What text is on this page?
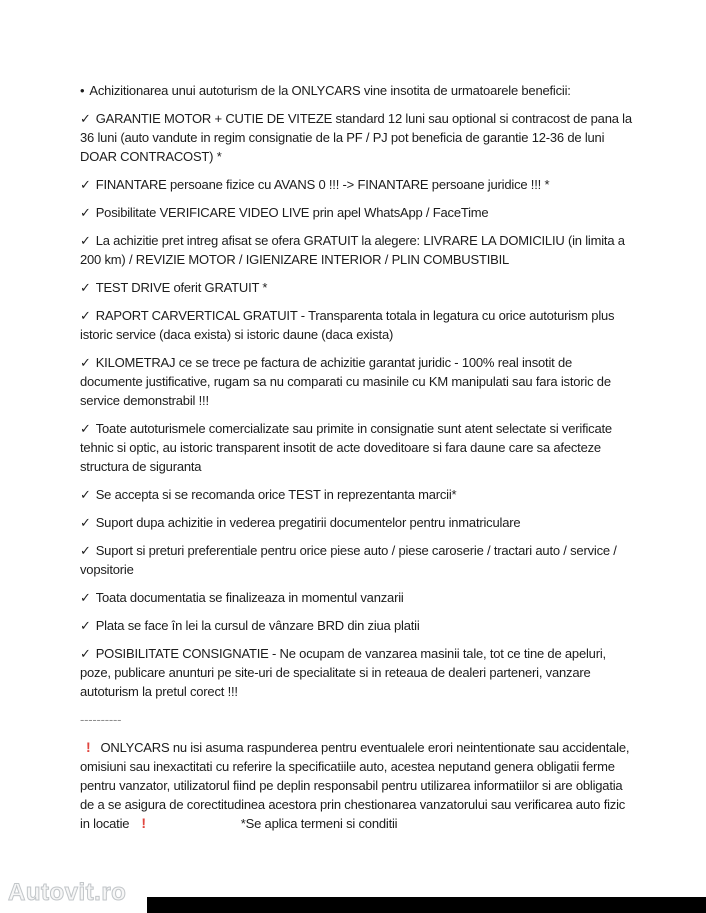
• Achizitionarea unui autoturism de la ONLYCARS vine insotita de urmatoarele beneficii:

✓ GARANTIE MOTOR + CUTIE DE VITEZE standard 12 luni sau optional si contracost de pana la 36 luni (auto vandute in regim consignatie de la PF / PJ pot beneficia de garantie 12-36 de luni DOAR CONTRACOST) *

✓ FINANTARE persoane fizice cu AVANS 0 !!! -> FINANTARE persoane juridice !!! *

✓ Posibilitate VERIFICARE VIDEO LIVE prin apel WhatsApp / FaceTime

✓ La achizitie pret intreg afisat se ofera GRATUIT la alegere: LIVRARE LA DOMICILIU (in limita a 200 km) / REVIZIE MOTOR / IGIENIZARE INTERIOR / PLIN COMBUSTIBIL

✓ TEST DRIVE oferit GRATUIT *

✓ RAPORT CARVERTICAL GRATUIT - Transparenta totala in legatura cu orice autoturism plus istoric service (daca exista) si istoric daune (daca exista)

✓ KILOMETRAJ ce se trece pe factura de achizitie garantat juridic - 100% real insotit de documente justificative, rugam sa nu comparati cu masinile cu KM manipulati sau fara istoric de service demonstrabil !!!

✓ Toate autoturismele comercializate sau primite in consignatie sunt atent selectate si verificate tehnic si optic, au istoric transparent insotit de acte doveditoare si fara daune care sa afecteze structura de siguranta

✓ Se accepta si se recomanda orice TEST in reprezentanta marcii*

✓ Suport dupa achizitie in vederea pregatirii documentelor pentru inmatriculare

✓ Suport si preturi preferentiale pentru orice piese auto / piese caroserie / tractari auto / service / vopsitorie

✓ Toata documentatia se finalizeaza in momentul vanzarii

✓ Plata se face în lei la cursul de vânzare BRD din ziua platii

✓ POSIBILITATE CONSIGNATIE - Ne ocupam de vanzarea masinii tale, tot ce tine de apeluri, poze, publicare anunturi pe site-uri de specialitate si in reteaua de dealeri parteneri, vanzare autoturism la pretul corect !!!

----------

! ONLYCARS nu isi asuma raspunderea pentru eventualele erori neintentionate sau accidentale, omisiuni sau inexactitati cu referire la specificatiile auto, acestea neputand genera obligatii ferme pentru vanzator, utilizatorul fiind pe deplin responsabil pentru utilizarea informatiilor si are obligatia de a se asigura de corectitudinea acestora prin chestionarea vanzatorului sau verificarea auto fizic in locatie !	*Se aplica termeni si conditii

Autovit.ro
